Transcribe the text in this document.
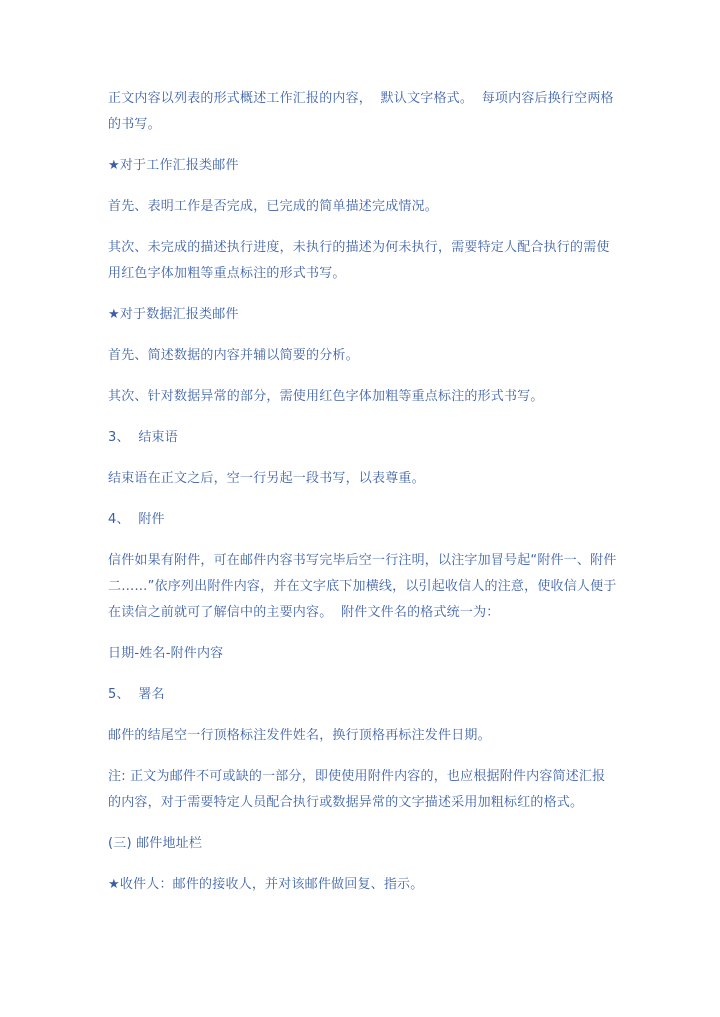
正文内容以列表的形式概述工作汇报的内容，  默认文字格式。  每项内容后换行空两格的书写。

★对于工作汇报类邮件

首先、表明工作是否完成，已完成的简单描述完成情况。

其次、未完成的描述执行进度，未执行的描述为何未执行，需要特定人配合执行的需使用红色字体加粗等重点标注的形式书写。

★对于数据汇报类邮件

首先、简述数据的内容并辅以简要的分析。

其次、针对数据异常的部分，需使用红色字体加粗等重点标注的形式书写。

3、  结束语

结束语在正文之后，空一行另起一段书写，以表尊重。

4、  附件

信件如果有附件，可在邮件内容书写完毕后空一行注明，以注字加冒号起“附件一、附件二……”依序列出附件内容，并在文字底下加横线，以引起收信人的注意，使收信人便于在读信之前就可了解信中的主要内容。  附件文件名的格式统一为：

日期-姓名-附件内容

5、  署名

邮件的结尾空一行顶格标注发件姓名，换行顶格再标注发件日期。

注: 正文为邮件不可或缺的一部分，即使使用附件内容的，也应根据附件内容简述汇报的内容，对于需要特定人员配合执行或数据异常的文字描述采用加粗标红的格式。

(三) 邮件地址栏

★收件人：邮件的接收人，并对该邮件做回复、指示。
